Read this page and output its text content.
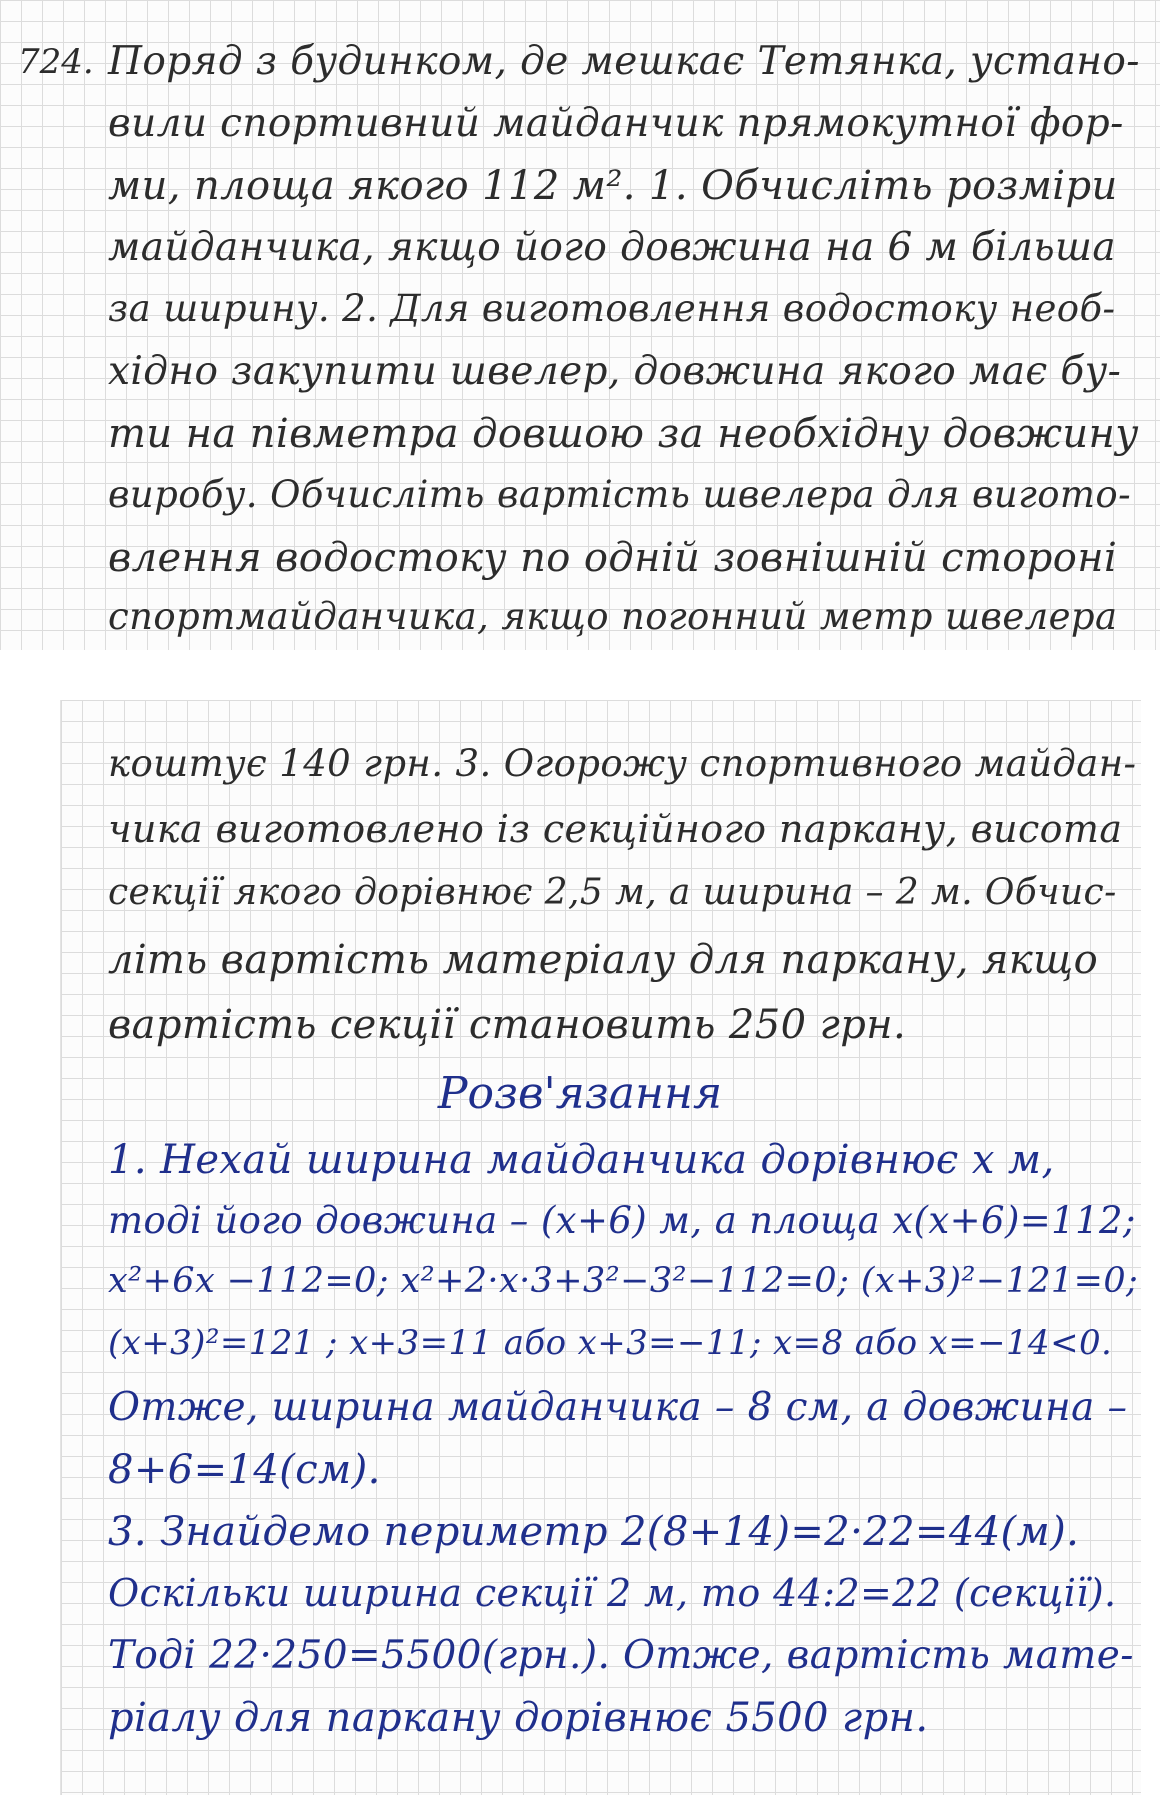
724. Поряд з будинком, де мешкає Тетянка, устано-
вили спортивний майданчик прямокутної фор-
ми, площа якого 112 м². 1. Обчисліть розміри
майданчика, якщо його довжина на 6 м більша
за ширину. 2. Для виготовлення водостоку необ-
хідно закупити швелер, довжина якого має бу-
ти на півметра довшою за необхідну довжину
виробу. Обчисліть вартість швелера для вигото-
влення водостоку по одній зовнішній стороні
спортмайданчика, якщо погонний метр швелера
коштує 140 грн. 3. Огорожу спортивного майдан-
чика виготовлено із секційного паркану, висота
секції якого дорівнює 2,5 м, а ширина – 2 м. Обчис-
літь вартість матеріалу для паркану, якщо
вартість секції становить 250 грн.
Розв'язання
1. Нехай ширина майданчика дорівнює x м,
тоді його довжина – (x+6) м, а площа x(x+6)=112;
x²+6x −112=0; x²+2·x·3+3²−3²−112=0; (x+3)²−121=0;
(x+3)²=121 ; x+3=11 або x+3=−11; x=8 або x=−14<0.
Отже, ширина майданчика – 8 см, а довжина –
8+6=14(см).
3. Знайдемо периметр 2(8+14)=2·22=44(м).
Оскільки ширина секції 2 м, то 44:2=22 (секції).
Тоді 22·250=5500(грн.). Отже, вартість мате-
ріалу для паркану дорівнює 5500 грн.
